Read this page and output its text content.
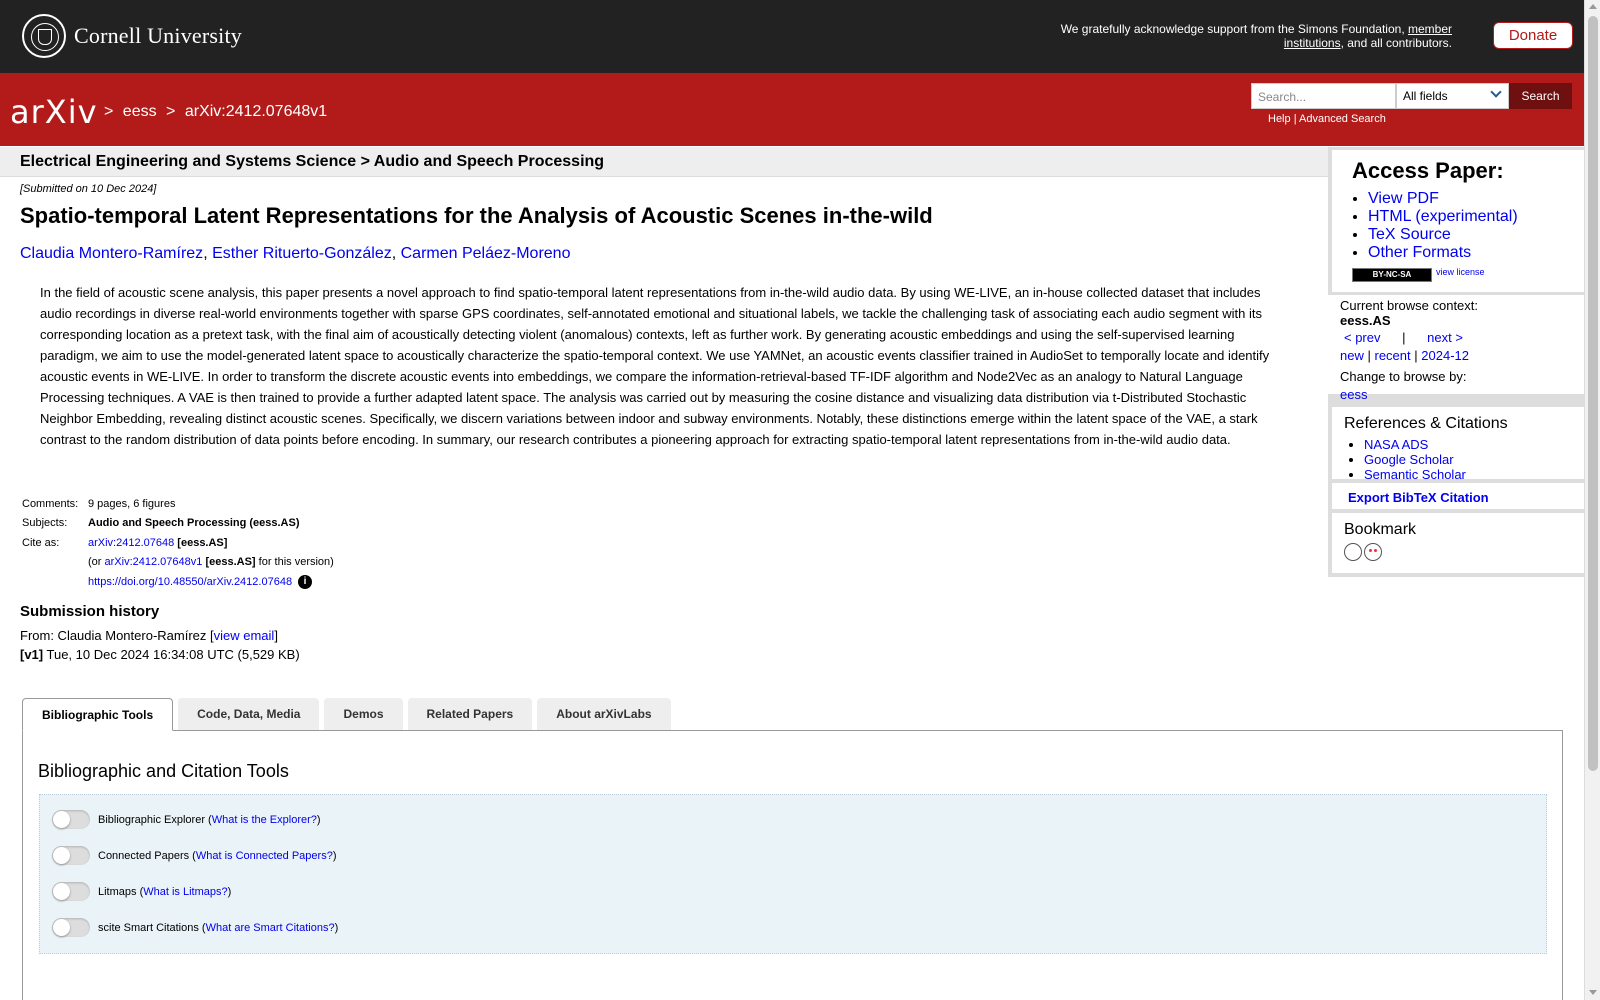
Cornell University	We gratefully acknowledge support from the Simons Foundation, member institutions, and all contributors.	Donate
arXiv > eess > arXiv:2412.07648v1
Search...	All fields	Search
Help | Advanced Search
Electrical Engineering and Systems Science > Audio and Speech Processing
[Submitted on 10 Dec 2024]
Spatio-temporal Latent Representations for the Analysis of Acoustic Scenes in-the-wild
Claudia Montero-Ramírez, Esther Rituerto-González, Carmen Peláez-Moreno
In the field of acoustic scene analysis, this paper presents a novel approach to find spatio-temporal latent representations from in-the-wild audio data. By using WE-LIVE, an in-house collected dataset that includes audio recordings in diverse real-world environments together with sparse GPS coordinates, self-annotated emotional and situational labels, we tackle the challenging task of associating each audio segment with its corresponding location as a pretext task, with the final aim of acoustically detecting violent (anomalous) contexts, left as further work. By generating acoustic embeddings and using the self-supervised learning paradigm, we aim to use the model-generated latent space to acoustically characterize the spatio-temporal context. We use YAMNet, an acoustic events classifier trained in AudioSet to temporally locate and identify acoustic events in WE-LIVE. In order to transform the discrete acoustic events into embeddings, we compare the information-retrieval-based TF-IDF algorithm and Node2Vec as an analogy to Natural Language Processing techniques. A VAE is then trained to provide a further adapted latent space. The analysis was carried out by measuring the cosine distance and visualizing data distribution via t-Distributed Stochastic Neighbor Embedding, revealing distinct acoustic scenes. Specifically, we discern variations between indoor and subway environments. Notably, these distinctions emerge within the latent space of the VAE, a stark contrast to the random distribution of data points before encoding. In summary, our research contributes a pioneering approach for extracting spatio-temporal latent representations from in-the-wild audio data.
Comments: 9 pages, 6 figures
Subjects:	Audio and Speech Processing (eess.AS)
Cite as:	arXiv:2412.07648 [eess.AS]
(or arXiv:2412.07648v1 [eess.AS] for this version)
https://doi.org/10.48550/arXiv.2412.07648 i
Submission history
From: Claudia Montero-Ramírez [view email]
[v1] Tue, 10 Dec 2024 16:34:08 UTC (5,529 KB)
Bibliographic Tools	Code, Data, Media	Demos	Related Papers	About arXivLabs
Bibliographic and Citation Tools
Bibliographic Explorer ( What is the Explorer? )
Connected Papers ( What is Connected Papers? )
Litmaps ( What is Litmaps? )
scite Smart Citations ( What are Smart Citations? )
Access Paper:
• View PDF
• HTML (experimental)
• TeX Source
• Other Formats
BY-NC-SA	view license
Current browse context:
eess.AS
< prev | next >
new | recent | 2024-12
Change to browse by:
eess
References & Citations
• NASA ADS
• Google Scholar
• Semantic Scholar
Export BibTeX Citation
Bookmark
